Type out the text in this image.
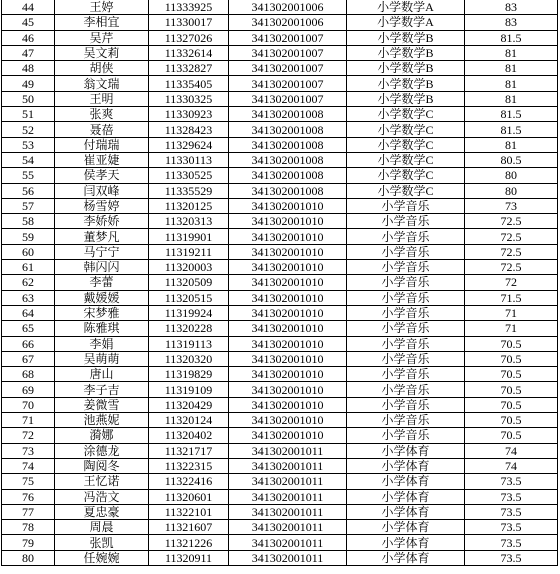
44	王婷	11333925	341302001006	小学数学A	83
45	李相宜	11330017	341302001006	小学数学A	83
46	吴芹	11327026	341302001007	小学数学B	81.5
47	吴文莉	11332614	341302001007	小学数学B	81
48	胡侠	11332827	341302001007	小学数学B	81
49	翁文瑞	11335405	341302001007	小学数学B	81
50	王明	11330325	341302001007	小学数学B	81
51	张爽	11330923	341302001008	小学数学C	81.5
52	聂蓓	11328423	341302001008	小学数学C	81.5
53	付瑞瑞	11329624	341302001008	小学数学C	81
54	崔亚婕	11330113	341302001008	小学数学C	80.5
55	侯孝天	11330525	341302001008	小学数学C	80
56	闫双峰	11335529	341302001008	小学数学C	80
57	杨雪婷	11320125	341302001010	小学音乐	73
58	李娇娇	11320313	341302001010	小学音乐	72.5
59	董梦凡	11319901	341302001010	小学音乐	72.5
60	马宁宁	11319211	341302001010	小学音乐	72.5
61	韩闪闪	11320003	341302001010	小学音乐	72.5
62	李蕾	11320509	341302001010	小学音乐	72
63	戴媛媛	11320515	341302001010	小学音乐	71.5
64	宋梦雅	11319924	341302001010	小学音乐	71
65	陈雅琪	11320228	341302001010	小学音乐	71
66	李娟	11319113	341302001010	小学音乐	70.5
67	吴萌萌	11320320	341302001010	小学音乐	70.5
68	唐山	11319829	341302001010	小学音乐	70.5
69	李子吉	11319109	341302001010	小学音乐	70.5
70	姜微雪	11320429	341302001010	小学音乐	70.5
71	池燕妮	11320124	341302001010	小学音乐	70.5
72	漪娜	11320402	341302001010	小学音乐	70.5
73	涂德龙	11321717	341302001011	小学体育	74
74	陶阅冬	11322315	341302001011	小学体育	74
75	王忆诺	11322416	341302001011	小学体育	73.5
76	冯浩文	11320601	341302001011	小学体育	73.5
77	夏忠豪	11322101	341302001011	小学体育	73.5
78	周晨	11321607	341302001011	小学体育	73.5
79	张凯	11321226	341302001011	小学体育	73.5
80	任婉婉	11320911	341302001011	小学体育	73.5
